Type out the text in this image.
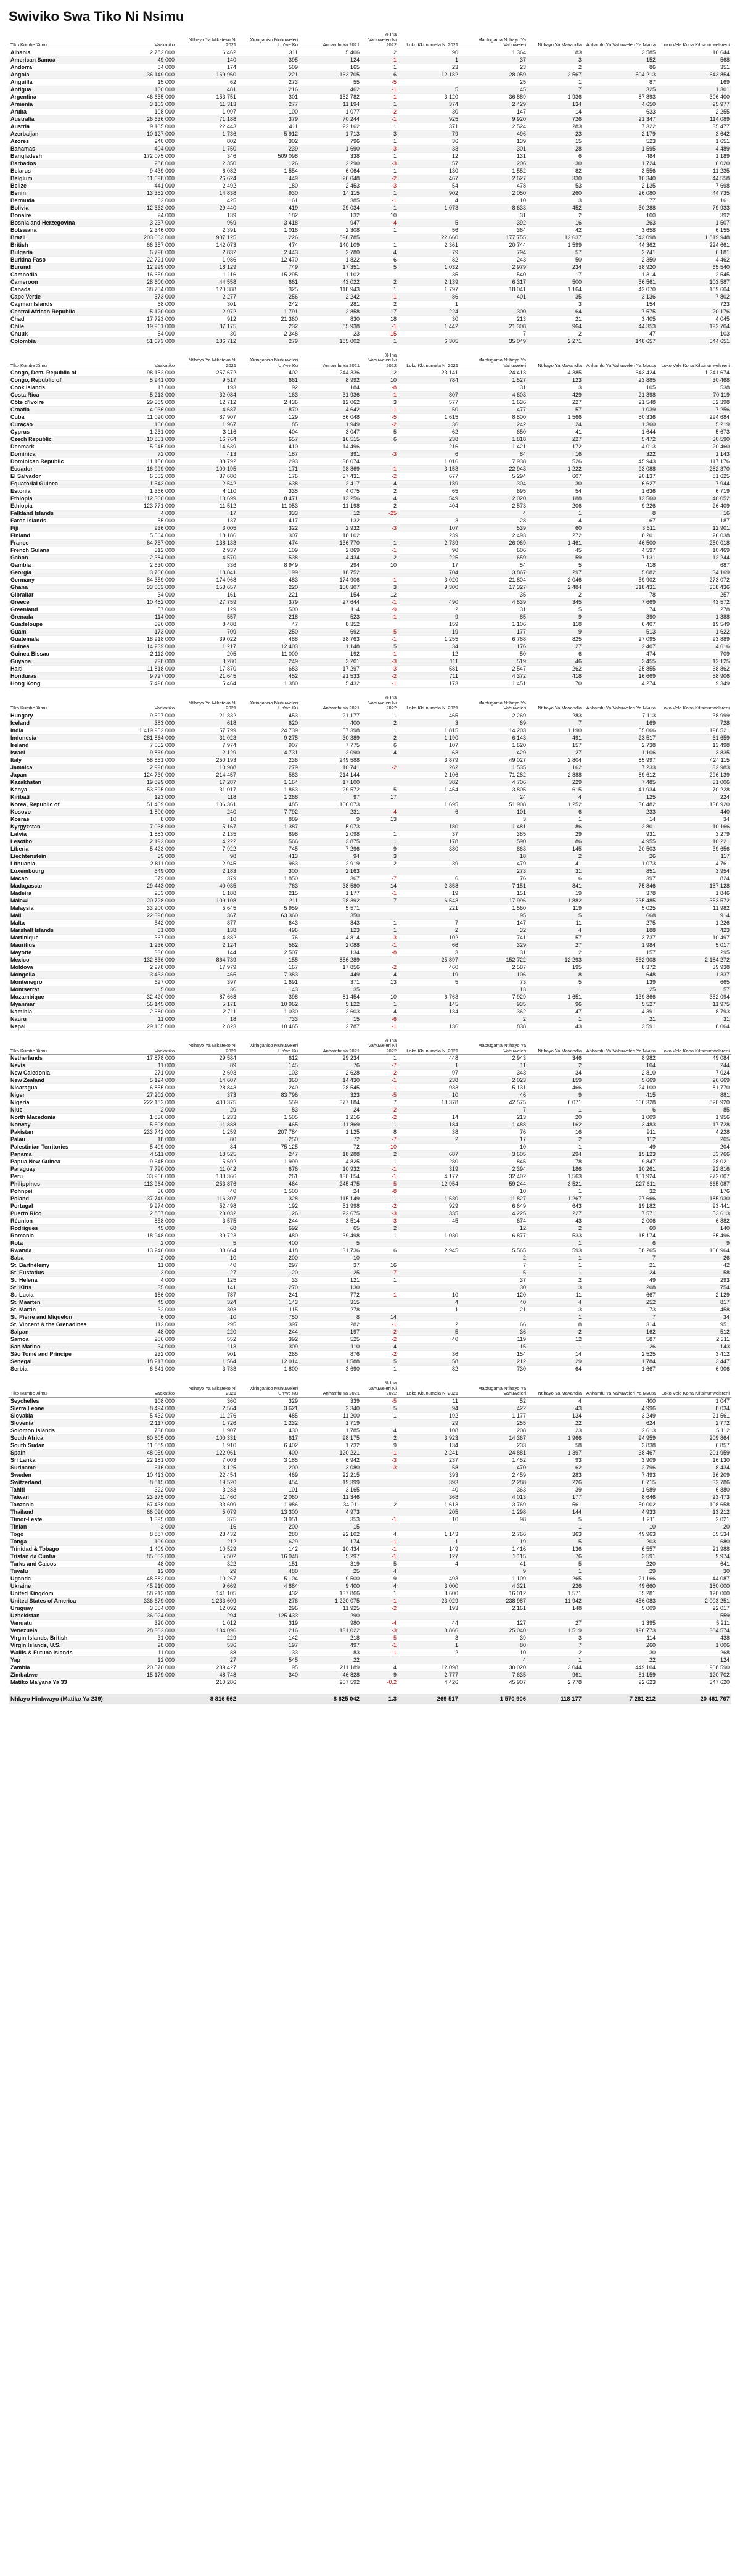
Swiviko Swa Tiko Ni Nsimu
Tiko Kumbe Ximu	Vaakatiko	Ntlhayo Ya Mikateko Ni 2021	Xiringaniso Muhuweleri Un'we Ku	Anhamfu Ya 2021	% Ina Vahuweleri Ni 2022	Loko Kkunumela Ni 2021	Mapfugama Ntlhayo Ya Vahuweleri	Ntlhayo Ya Mavandla	Anhamfu Ya Vahuweleri Ya Mvuta	Loko Vele Kona Kiltsinunwelsreni
Albania	2 782 000	6 462	311	5 406	2	90	1 364	83	3 585	10 644
American Samoa	49 000	140	395	124	-1	1	37	3	152	568
Andorra	84 000	174	509	165	1	23	23	2	86	351
Angola	36 149 000	169 960	221	163 705	6	12 182	28 059	2 567	504 213	643 854
Anguilla	15 000	62	273	55	-5		25	1	87	169
Antigua	100 000	481	216	462	-1	5	45	7	325	1 301
Argentina	46 655 000	153 751	301	152 782	-1	3 120	36 889	1 936	87 893	306 400
Armenia	3 103 000	11 313	277	11 194	1	374	2 429	134	4 650	25 977
Aruba	108 000	1 097	100	1 077	-2	30	147	14	633	2 255
Australia	26 636 000	71 188	379	70 244	-1	925	9 920	726	21 347	114 089
Austria	9 105 000	22 443	411	22 162	1	371	2 524	283	7 322	35 477
Azerbaijan	10 127 000	1 736	5 912	1 713	3	79	496	23	2 179	3 642
Azores	240 000	802	302	796	1	36	139	15	523	1 651
Bahamas	404 000	1 750	239	1 690	-3	33	301	28	1 595	4 489
Bangladesh	172 075 000	346	509 098	338	1	12	131	6	484	1 189
Barbados	288 000	2 350	126	2 290	-3	57	206	30	1 724	6 020
Belarus	9 439 000	6 082	1 554	6 064	1	130	1 552	82	3 556	11 235
Belgium	11 698 000	26 624	449	26 048	-2	467	2 627	330	10 340	44 558
Belize	441 000	2 492	180	2 453	-3	54	478	53	2 135	7 698
Benin	13 352 000	14 838	930	14 115	1	902	2 050	260	26 080	44 735
Bermuda	62 000	425	161	385	-1	4	10	3	77	161
Bolivia	12 532 000	29 440	419	29 034	1	1 073	8 633	452	30 288	79 933
Bonaire	24 000	139	182	132	10		31	2	100	392
Bosnia and Herzegovina	3 237 000	969	3 418	947	-4	5	392	16	263	1 507
Botswana	2 346 000	2 391	1 016	2 308	1	56	364	42	3 658	6 155
Brazil	203 063 000	907 125	226	898 785		22 660	177 755	12 637	543 098	1 819 948
British	66 357 000	142 073	474	140 109	1	2 361	20 744	1 599	44 362	224 661
Bulgaria	6 790 000	2 832	2 443	2 780	4	79	794	57	2 741	6 181
Burkina Faso	22 721 000	1 986	12 470	1 822	6	82	243	50	2 350	4 462
Burundi	12 999 000	18 129	749	17 351	5	1 032	2 979	234	38 920	65 540
Cambodia	16 659 000	1 116	15 295	1 102		35	540	17	1 314	2 545
Cameroon	28 600 000	44 558	661	43 022	2	2 139	6 317	500	56 561	103 587
Canada	38 704 000	120 388	325	118 943	1	1 797	18 041	1 164	42 070	189 604
Cape Verde	573 000	2 277	256	2 242	-1	86	401	35	3 136	7 802
Cayman Islands	68 000	301	242	281	2	1		3	154	723
Central African Republic	5 120 000	2 972	1 791	2 858	17	224	300	64	7 575	20 176
Chad	17 723 000	912	21 360	830	18	30	213	21	3 405	4 045
Chile	19 961 000	87 175	232	85 938	-1	1 442	21 308	964	44 353	192 704
Chuuk	54 000	30	2 348	23	-15		7	2	47	103
Colombia	51 673 000	186 712	279	185 002	1	6 305	35 049	2 271	148 657	544 651
Tiko Kumbe Ximu	Vaakatiko	Ntlhayo Ya Mikateko Ni 2021	Xiringaniso Muhuweleri Un'we Ku	Anhamfu Ya 2021	% Ina Vahuweleri Ni 2022	Loko Kkunumela Ni 2021	Mapfugama Ntlhayo Ya Vahuweleri	Ntlhayo Ya Mavandla	Anhamfu Ya Vahuweleri Ya Mvuta	Loko Vele Kona Kiltsinunwelsreni
Congo, Dem. Republic of	98 152 000	257 672	402	244 336	12	23 141	24 413	4 385	643 424	1 241 674
Congo, Republic of	5 941 000	9 517	661	8 992	10	784	1 527	123	23 885	30 468
Cook Islands	17 000	193	92	184	-8		31	3	105	538
Costa Rica	5 213 000	32 084	163	31 936	-1	807	4 603	429	21 398	70 119
Côte d'Ivoire	29 389 000	12 712	2 436	12 062	3	577	1 636	227	21 548	52 398
Croatia	4 036 000	4 687	870	4 642	-1	50	477	57	1 039	7 256
Cuba	11 090 000	87 907	129	86 048	-5	1 615	8 800	1 566	80 336	294 684
Curaçao	166 000	1 967	85	1 949	-2	36	242	24	1 360	5 219
Cyprus	1 231 000	3 116	404	3 047	5	62	650	41	1 644	5 673
Czech Republic	10 851 000	16 764	657	16 515	6	238	1 818	227	5 472	30 590
Denmark	5 945 000	14 639	410	14 496		216	1 421	172	4 013	20 460
Dominica	72 000	413	187	391	-3	6	84	16	322	1 143
Dominican Republic	11 156 000	38 792	293	38 074		1 016	7 938	526	45 943	117 176
Ecuador	16 999 000	100 195	171	98 869	-1	3 153	22 943	1 222	93 088	282 370
El Salvador	6 502 000	37 680	176	37 431	-2	677	5 294	607	20 137	81 625
Equatorial Guinea	1 543 000	2 542	638	2 417	4	189	304	30	6 627	7 944
Estonia	1 366 000	4 110	335	4 075	2	65	695	54	1 636	6 719
Ethiopia	112 300 000	13 699	8 471	13 256	4	549	2 020	188	13 560	40 052
Ethiopia	123 771 000	11 512	11 053	11 198	2	404	2 573	206	9 226	26 409
Falkland Islands	4 000	17	333	12	-25		4	1	8	16
Faroe Islands	55 000	137	417	132	1	3	28	4	67	187
Fiji	936 000	3 005	322	2 932	-3	107	539	60	3 611	12 901
Finland	5 564 000	18 186	307	18 102		239	2 493	272	8 201	26 038
France	64 757 000	138 133	474	136 770	1	2 739	26 069	1 461	46 500	250 018
French Guiana	312 000	2 937	109	2 869	-1	90	606	45	4 597	10 469
Gabon	2 384 000	4 570	538	4 434	2	225	659	59	7 131	12 244
Gambia	2 630 000	336	8 949	294	10	17	54	5	418	687
Georgia	3 706 000	18 841	199	18 752		704	3 867	297	5 082	34 169
Germany	84 359 000	174 968	483	174 906	-1	3 020	21 804	2 046	59 902	273 072
Ghana	33 063 000	153 657	220	150 307	3	9 300	17 327	2 484	318 431	368 436
Gibraltar	34 000	161	221	154	12		35	2	78	257
Greece	10 482 000	27 759	379	27 644	-1	490	4 839	345	7 669	43 572
Greenland	57 000	129	500	114	-9	2	31	5	74	278
Grenada	114 000	557	218	523	-1	9	85	9	390	1 388
Guadeloupe	396 000	8 488	47	8 352		159	1 106	118	6 407	19 549
Guam	173 000	709	250	692	-5	19	177	9	513	1 622
Guatemala	18 918 000	39 022	488	38 763	-1	1 255	6 768	825	27 095	93 889
Guinea	14 239 000	1 217	12 403	1 148	5	34	176	27	2 407	4 616
Guinea-Bissau	2 112 000	205	11 000	192	-1	12	50	6	474	709
Guyana	798 000	3 280	249	3 201	-3	111	519	46	3 455	12 125
Haiti	11 818 000	17 870	683	17 297	-3	581	2 547	262	25 855	68 862
Honduras	9 727 000	21 645	452	21 533	-2	711	4 372	418	16 669	58 906
Hong Kong	7 498 000	5 464	1 380	5 432	-1	173	1 451	70	4 274	9 349
Tiko Kumbe Ximu	Vaakatiko	Ntlhayo Ya Mikateko Ni 2021	Xiringaniso Muhuweleri Un'we Ku	Anhamfu Ya 2021	% Ina Vahuweleri Ni 2022	Loko Kkunumela Ni 2021	Mapfugama Ntlhayo Ya Vahuweleri	Ntlhayo Ya Mavandla	Anhamfu Ya Vahuweleri Ya Mvuta	Loko Vele Kona Kiltsinunwelsreni
Hungary	9 597 000	21 332	453	21 177	1	465	2 269	283	7 113	38 999
Iceland	383 000	618	620	400	2	3	69	7	169	728
India	1 419 952 000	57 799	24 739	57 398	1	1 815	14 203	1 190	55 066	198 521
Indonesia	281 864 000	31 023	9 275	30 389	2	1 190	6 143	491	23 517	61 659
Ireland	7 052 000	7 974	907	7 775	6	107	1 620	157	2 738	13 498
Israel	9 869 000	2 129	4 731	2 090	4	63	429	27	1 106	3 835
Italy	58 851 000	250 193	236	249 588		3 879	49 027	2 804	85 997	424 115
Jamaica	2 996 000	10 988	279	10 741	-2	262	1 535	162	7 233	32 983
Japan	124 730 000	214 457	583	214 144		2 106	71 282	2 888	89 612	296 139
Kazakhstan	19 899 000	17 287	1 164	17 100		382	4 706	229	7 485	31 006
Kenya	53 595 000	31 017	1 863	29 572	5	1 454	3 805	615	41 934	70 228
Kiribati	123 000	118	1 268	97	17		24	4	125	224
Korea, Republic of	51 409 000	106 361	485	106 073		1 695	51 908	1 252	36 482	138 920
Kosovo	1 800 000	240	7 792	231	-4	6	101	6	233	440
Kosrae	8 000	10	889	9	13		3	1	14	34
Kyrgyzstan	7 038 000	5 167	1 387	5 073		180	1 481	86	2 801	10 166
Latvia	1 883 000	2 135	898	2 098	1	37	385	29	931	3 279
Lesotho	2 192 000	4 222	566	3 875	1	178	590	86	4 955	10 221
Liberia	5 423 000	7 922	745	7 296	9	380	863	145	20 503	39 656
Liechtenstein	39 000	98	413	94	3		18	2	26	117
Lithuania	2 811 000	2 945	963	2 919	2	39	479	41	1 073	4 761
Luxembourg	649 000	2 183	300	2 163			273	31	851	3 954
Macao	679 000	379	1 850	367	-7	6	76	6	397	824
Madagascar	29 443 000	40 035	763	38 580	14	2 858	7 151	841	75 846	157 128
Madeira	253 000	1 188	215	1 177	-1	19	151	19	378	1 846
Malawi	20 728 000	109 108	211	98 392	7	6 543	17 996	1 882	235 485	353 572
Malaysia	33 200 000	5 645	5 959	5 571		221	1 560	119	5 025	11 982
Mali	22 396 000	367	63 360	350			95	5	668	914
Malta	542 000	877	643	843	1	7	147	11	275	1 226
Marshall Islands	61 000	138	496	123	1	2	32	4	188	423
Martinique	367 000	4 882	76	4 814	-3	102	741	57	3 737	10 497
Mauritius	1 236 000	2 124	582	2 088	-1	66	329	27	1 984	5 017
Mayotte	336 000	144	2 507	134	-8	3	31	2	157	295
Mexico	132 836 000	864 739	155	856 289		25 897	152 722	12 293	562 908	2 184 272
Moldova	2 978 000	17 979	167	17 856	-2	460	2 587	195	8 372	39 938
Mongolia	3 433 000	465	7 383	449	4	19	106	8	648	1 337
Montenegro	627 000	397	1 691	371	13	5	73	5	139	665
Montserrat	5 000	36	143	35			13	1	25	57
Mozambique	32 420 000	87 668	398	81 454	10	6 763	7 929	1 651	139 866	352 094
Myanmar	56 145 000	5 171	10 962	5 122	1	145	935	96	5 527	11 975
Namibia	2 680 000	2 711	1 030	2 603	4	134	362	47	4 391	8 793
Nauru	11 000	18	733	15	-6		2	1	21	31
Nepal	29 165 000	2 823	10 465	2 787	-1	136	838	43	3 591	8 064
Tiko Kumbe Ximu	Vaakatiko	Ntlhayo Ya Mikateko Ni 2021	Xiringaniso Muhuweleri Un'we Ku	Anhamfu Ya 2021	% Ina Vahuweleri Ni 2022	Loko Kkunumela Ni 2021	Mapfugama Ntlhayo Ya Vahuweleri	Ntlhayo Ya Mavandla	Anhamfu Ya Vahuweleri Ya Mvuta	Loko Vele Kona Kiltsinunwelsreni
Netherlands	17 878 000	29 584	612	29 234	1	448	2 943	346	8 982	49 084
Nevis	11 000	89	145	76	-7	1	11	2	104	244
New Caledonia	271 000	2 693	103	2 628	-2	97	343	34	2 810	7 024
New Zealand	5 124 000	14 607	360	14 430	-1	238	2 023	159	5 669	26 669
Nicaragua	6 855 000	28 843	240	28 545	-1	933	5 131	466	24 100	81 770
Niger	27 202 000	373	83 796	323	-5	10	46	9	415	881
Nigeria	222 182 000	400 375	559	377 184	7	13 378	42 575	6 071	666 328	820 920
Niue	2 000	29	83	24	-2		7	1	6	85
North Macedonia	1 830 000	1 233	1 505	1 216	-2	14	213	20	1 009	1 956
Norway	5 508 000	11 888	465	11 869	1	184	1 488	162	3 483	17 728
Pakistan	233 742 000	1 259	207 784	1 125	8	38	76	16	911	4 228
Palau	18 000	80	250	72	-7	2	17	2	112	205
Palestinian Territories	5 409 000	84	75 125	72	-10		10	1	49	204
Panama	4 511 000	18 525	247	18 288	2	687	3 605	294	15 123	53 766
Papua New Guinea	9 645 000	5 692	1 999	4 825	1	280	845	78	9 847	28 021
Paraguay	7 790 000	11 042	676	10 932	-1	319	2 394	186	10 261	22 816
Peru	33 966 000	133 366	261	130 154	-1	4 177	32 402	1 563	151 924	272 007
Philippines	113 964 000	253 876	464	245 475	-5	12 954	59 244	3 521	227 611	665 087
Pohnpei	36 000	40	1 500	24	-8		10	1	32	176
Poland	37 749 000	116 307	328	115 149	1	1 530	11 827	1 267	27 666	185 930
Portugal	9 974 000	52 498	192	51 998	-2	929	6 649	643	19 182	93 441
Puerto Rico	2 857 000	23 032	126	22 675	-3	335	4 225	227	7 571	53 613
Réunion	858 000	3 575	244	3 514	-3	45	674	43	2 006	6 882
Rodrigues	45 000	68	692	65	2		12	2	60	140
Romania	18 948 000	39 723	480	39 498	1	1 030	6 877	533	15 174	65 496
Rota	2 000	5	400	5				1	6	9
Rwanda	13 246 000	33 664	418	31 736	6	2 945	5 565	593	58 265	106 964
Saba	2 000	10	200	10			2	1	7	26
St. Barthélemy	11 000	40	297	37	16		7	1	21	42
St. Eustatius	3 000	27	120	25	-7		5	1	24	58
St. Helena	4 000	125	33	121	1		37	2	49	293
St. Kitts	35 000	141	270	130			30	3	208	754
St. Lucia	186 000	787	241	772	-1	10	120	11	667	2 129
St. Maarten	45 000	324	143	315		4	40	4	252	817
St. Martin	32 000	303	115	278		1	21	3	73	458
St. Pierre and Miquelon	6 000	10	750	8	14			1	7	34
St. Vincent & the Grenadines	112 000	295	397	282	-1	2	66	8	314	951
Saipan	48 000	220	244	197	-2	5	36	2	162	512
Samoa	206 000	552	392	525	-2	40	119	12	587	2 311
San Marino	34 000	113	309	110	4		15	1	26	143
São Tomé and Príncipe	232 000	901	265	876	-2	36	154	14	2 525	3 412
Senegal	18 217 000	1 564	12 014	1 588	5	58	212	29	1 784	3 447
Serbia	6 641 000	3 733	1 800	3 690	1	82	730	64	1 667	6 906
Tiko Kumbe Ximu	Vaakatiko	Ntlhayo Ya Mikateko Ni 2021	Xiringaniso Muhuweleri Un'we Ku	Anhamfu Ya 2021	% Ina Vahuweleri Ni 2022	Loko Kkunumela Ni 2021	Mapfugama Ntlhayo Ya Vahuweleri	Ntlhayo Ya Mavandla	Anhamfu Ya Vahuweleri Ya Mvuta	Loko Vele Kona Kiltsinunwelsreni
Seychelles	108 000	360	329	339	-5	11	52	4	400	1 047
Sierra Leone	8 494 000	2 564	3 621	2 340	5	94	422	43	4 996	8 034
Slovakia	5 432 000	11 276	485	11 200	1	192	1 177	134	3 249	21 561
Slovenia	2 117 000	1 726	1 232	1 719		29	255	22	624	2 772
Solomon Islands	738 000	1 907	430	1 785	14	108	208	23	2 613	5 112
South Africa	60 605 000	100 331	617	98 175	2	3 923	14 367	1 966	94 959	209 864
South Sudan	11 089 000	1 910	6 402	1 732	9	134	233	58	3 838	6 857
Spain	48 059 000	122 061	400	120 221	-1	2 241	24 881	1 397	38 467	201 959
Sri Lanka	22 181 000	7 003	3 185	6 942	-3	237	1 452	93	3 909	16 130
Suriname	616 000	3 125	200	3 080	-3	58	470	62	2 796	8 434
Sweden	10 413 000	22 454	469	22 215		393	2 459	283	7 493	36 209
Switzerland	8 815 000	19 520	454	19 399		393	2 288	226	6 715	32 786
Tahiti	322 000	3 283	101	3 165		40	363	39	1 689	6 880
Taiwan	23 375 000	11 460	2 060	11 346		368	4 013	177	8 646	23 473
Tanzania	67 438 000	33 609	1 986	34 011	2	1 613	3 769	561	50 002	108 658
Thailand	66 090 000	5 079	13 300	4 973		205	1 298	144	4 933	13 212
Timor-Leste	1 395 000	375	3 951	353	-1	10	98	5	1 211	2 021
Tinian	3 000	16	200	15				1	10	20
Togo	8 887 000	23 432	280	22 102	4	1 143	2 766	363	49 963	65 534
Tonga	109 000	212	629	174	-1	1	19	5	203	680
Trinidad & Tobago	1 409 000	10 529	142	10 434	-1	149	1 416	136	6 557	21 988
Tristan da Cunha	85 002 000	5 502	16 048	5 297	-1	127	1 115	76	3 591	9 974
Turks and Caicos	48 000	322	151	319	5	4	41	5	220	641
Tuvalu	12 000	29	480	25	4		9	1	29	30
Uganda	48 582 000	10 267	5 104	9 500	9	493	1 109	265	21 166	44 087
Ukraine	45 910 000	9 669	4 884	9 400	4	3 000	4 321	226	49 660	180 000
United Kingdom	58 213 000	141 105	432	137 866	1	3 600	16 012	1 571	55 281	120 000
United States of America	336 679 000	1 233 609	276	1 220 075	-1	23 029	238 987	11 942	456 083	2 003 251
Uruguay	3 554 000	12 092	296	11 925	-2	193	2 161	148	5 009	22 017
Uzbekistan	36 024 000	294	125 433	290						559
Vanuatu	320 000	1 012	319	980	-4	44	127	27	1 395	5 211
Venezuela	28 302 000	134 096	216	131 022	-3	3 866	25 040	1 519	196 773	304 574
Virgin Islands, British	31 000	229	142	218	-5	3	39	3	114	438
Virgin Islands, U.S.	98 000	536	197	497	-1	1	80	7	260	1 006
Wallis & Futuna Islands	11 000	88	133	83	-1	2	10	2	30	268
Yap	12 000	27	545	22			4	1	22	124
Zambia	20 570 000	239 427	95	211 189	4	12 098	30 020	3 044	449 104	908 590
Zimbabwe	15 179 000	48 748	340	46 828	9	2 777	7 635	961	81 159	120 702
Matiko Ma'yana Ya 33		210 286		207 592	-0.2	4 426	45 907	2 778	92 623	347 620
Nhlayo Hinkwayo (Matiko Ya 239)		8 816 562		8 625 042	1.3	269 517	1 570 906	118 177	7 281 212	20 461 767
